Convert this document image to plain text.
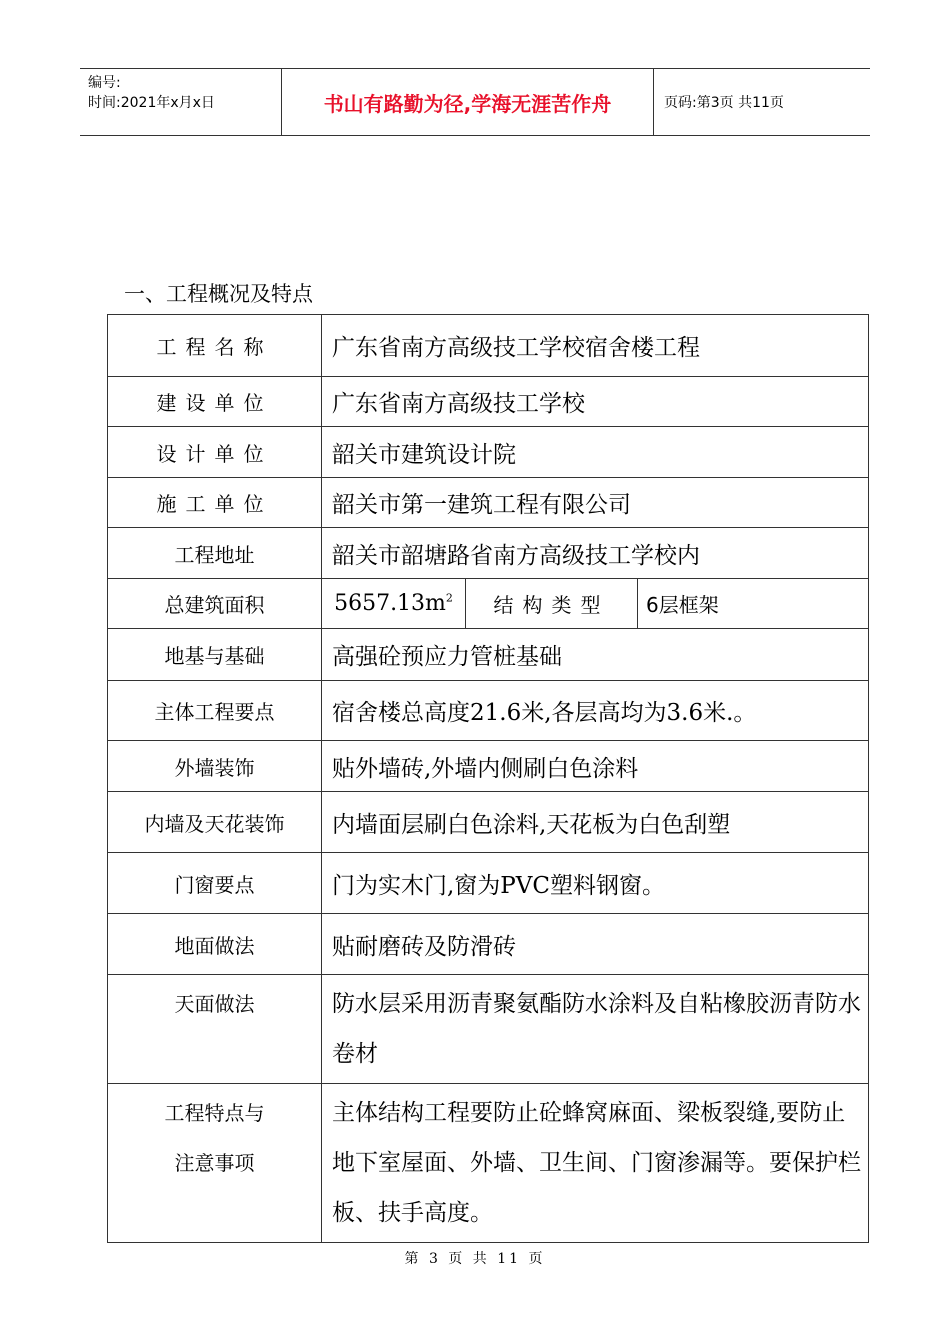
编号:
时间:2021年x月x日	书山有路勤为径,学海无涯苦作舟	页码:第3页 共11页
一、工程概况及特点
工程名称	广东省南方高级技工学校宿舍楼工程		
建设单位	广东省南方高级技工学校		
设计单位	韶关市建筑设计院		
施工单位	韶关市第一建筑工程有限公司		
工程地址	韶关市韶塘路省南方高级技工学校内		
总建筑面积	$5657.13m^2$	结构类型	6层框架
地基与基础	高强砼预应力管桩基础		
主体工程要点	宿舍楼总高度21.6米,各层高均为3.6米.。		
外墙装饰	贴外墙砖,外墙内侧刷白色涂料		
内墙及天花装饰	内墙面层刷白色涂料,天花板为白色刮塑		
门窗要点	门为实木门,窗为PVC塑料钢窗。		
地面做法	贴耐磨砖及防滑砖		
天面做法	防水层采用沥青聚氨酯防水涂料及自粘橡胶沥青防水卷材		

工程特点与
注意事项	主体结构工程要防止砼蜂窝麻面、梁板裂缝,要防止地下室屋面、外墙、卫生间、门窗渗漏等。要保护栏板、扶手高度。		
第 3 页 共 11 页
